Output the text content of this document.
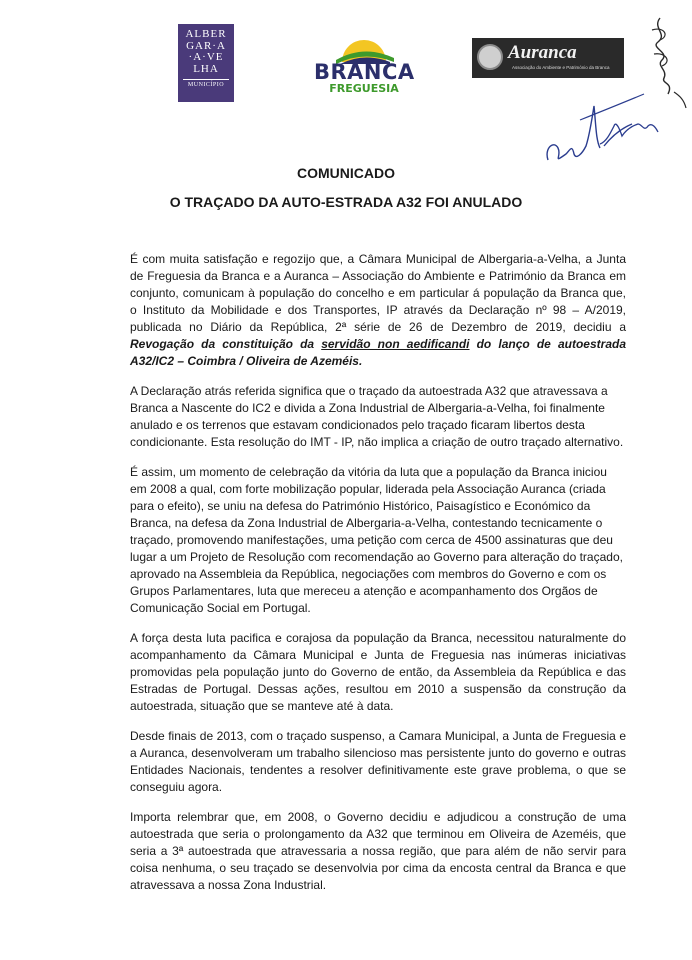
ALBER
GAR·A
·A·VE
LHA
MUNICÍPIO
BRANCA
FREGUESIA
Auranca
Associação do Ambiente e Património da Branca
COMUNICADO
O TRAÇADO DA AUTO-ESTRADA A32 FOI ANULADO

É com muita satisfação e regozijo que, a Câmara Municipal de Albergaria-a-Velha, a Junta de Freguesia da Branca e a Auranca – Associação do Ambiente e Património da Branca em conjunto, comunicam à população do concelho e em particular á população da Branca que, o Instituto da Mobilidade e dos Transportes, IP através da Declaração nº 98 – A/2019, publicada no Diário da República, 2ª série de 26 de Dezembro de 2019, decidiu a Revogação da constituição da servidão non aedificandi do lanço de autoestrada A32/IC2 – Coimbra / Oliveira de Azeméis.

A Declaração atrás referida significa que o traçado da autoestrada A32 que atravessava a Branca a Nascente do IC2 e divida a Zona Industrial de Albergaria-a-Velha, foi finalmente anulado e os terrenos que estavam condicionados pelo traçado ficaram libertos desta condicionante. Esta resolução do IMT - IP, não implica a criação de outro traçado alternativo.

É assim, um momento de celebração da vitória da luta que a população da Branca iniciou em 2008 a qual, com forte mobilização popular, liderada pela Associação Auranca (criada para o efeito), se uniu na defesa do Património Histórico, Paisagístico e Económico da Branca, na defesa da Zona Industrial de Albergaria-a-Velha, contestando tecnicamente o traçado, promovendo manifestações, uma petição com cerca de 4500 assinaturas que deu lugar a um Projeto de Resolução com recomendação ao Governo para alteração do traçado, aprovado na Assembleia da República, negociações com membros do Governo e com os Grupos Parlamentares, luta que mereceu a atenção e acompanhamento dos Orgãos de Comunicação Social em Portugal.

A força desta luta pacifica e corajosa da população da Branca, necessitou naturalmente do acompanhamento da Câmara Municipal e Junta de Freguesia nas inúmeras iniciativas promovidas pela população junto do Governo de então, da Assembleia da República e das Estradas de Portugal. Dessas ações, resultou em 2010 a suspensão da construção da autoestrada, situação que se manteve até à data.

Desde finais de 2013, com o traçado suspenso, a Camara Municipal, a Junta de Freguesia e a Auranca, desenvolveram um trabalho silencioso mas persistente junto do governo e outras Entidades Nacionais, tendentes a resolver definitivamente este grave problema, o que se conseguiu agora.

Importa relembrar que, em 2008, o Governo decidiu e adjudicou a construção de uma autoestrada que seria o prolongamento da A32 que terminou em Oliveira de Azeméis, que seria a 3ª autoestrada que atravessaria a nossa região, que para além de não servir para coisa nenhuma, o seu traçado se desenvolvia por cima da encosta central da Branca e que atravessava a nossa Zona Industrial.
